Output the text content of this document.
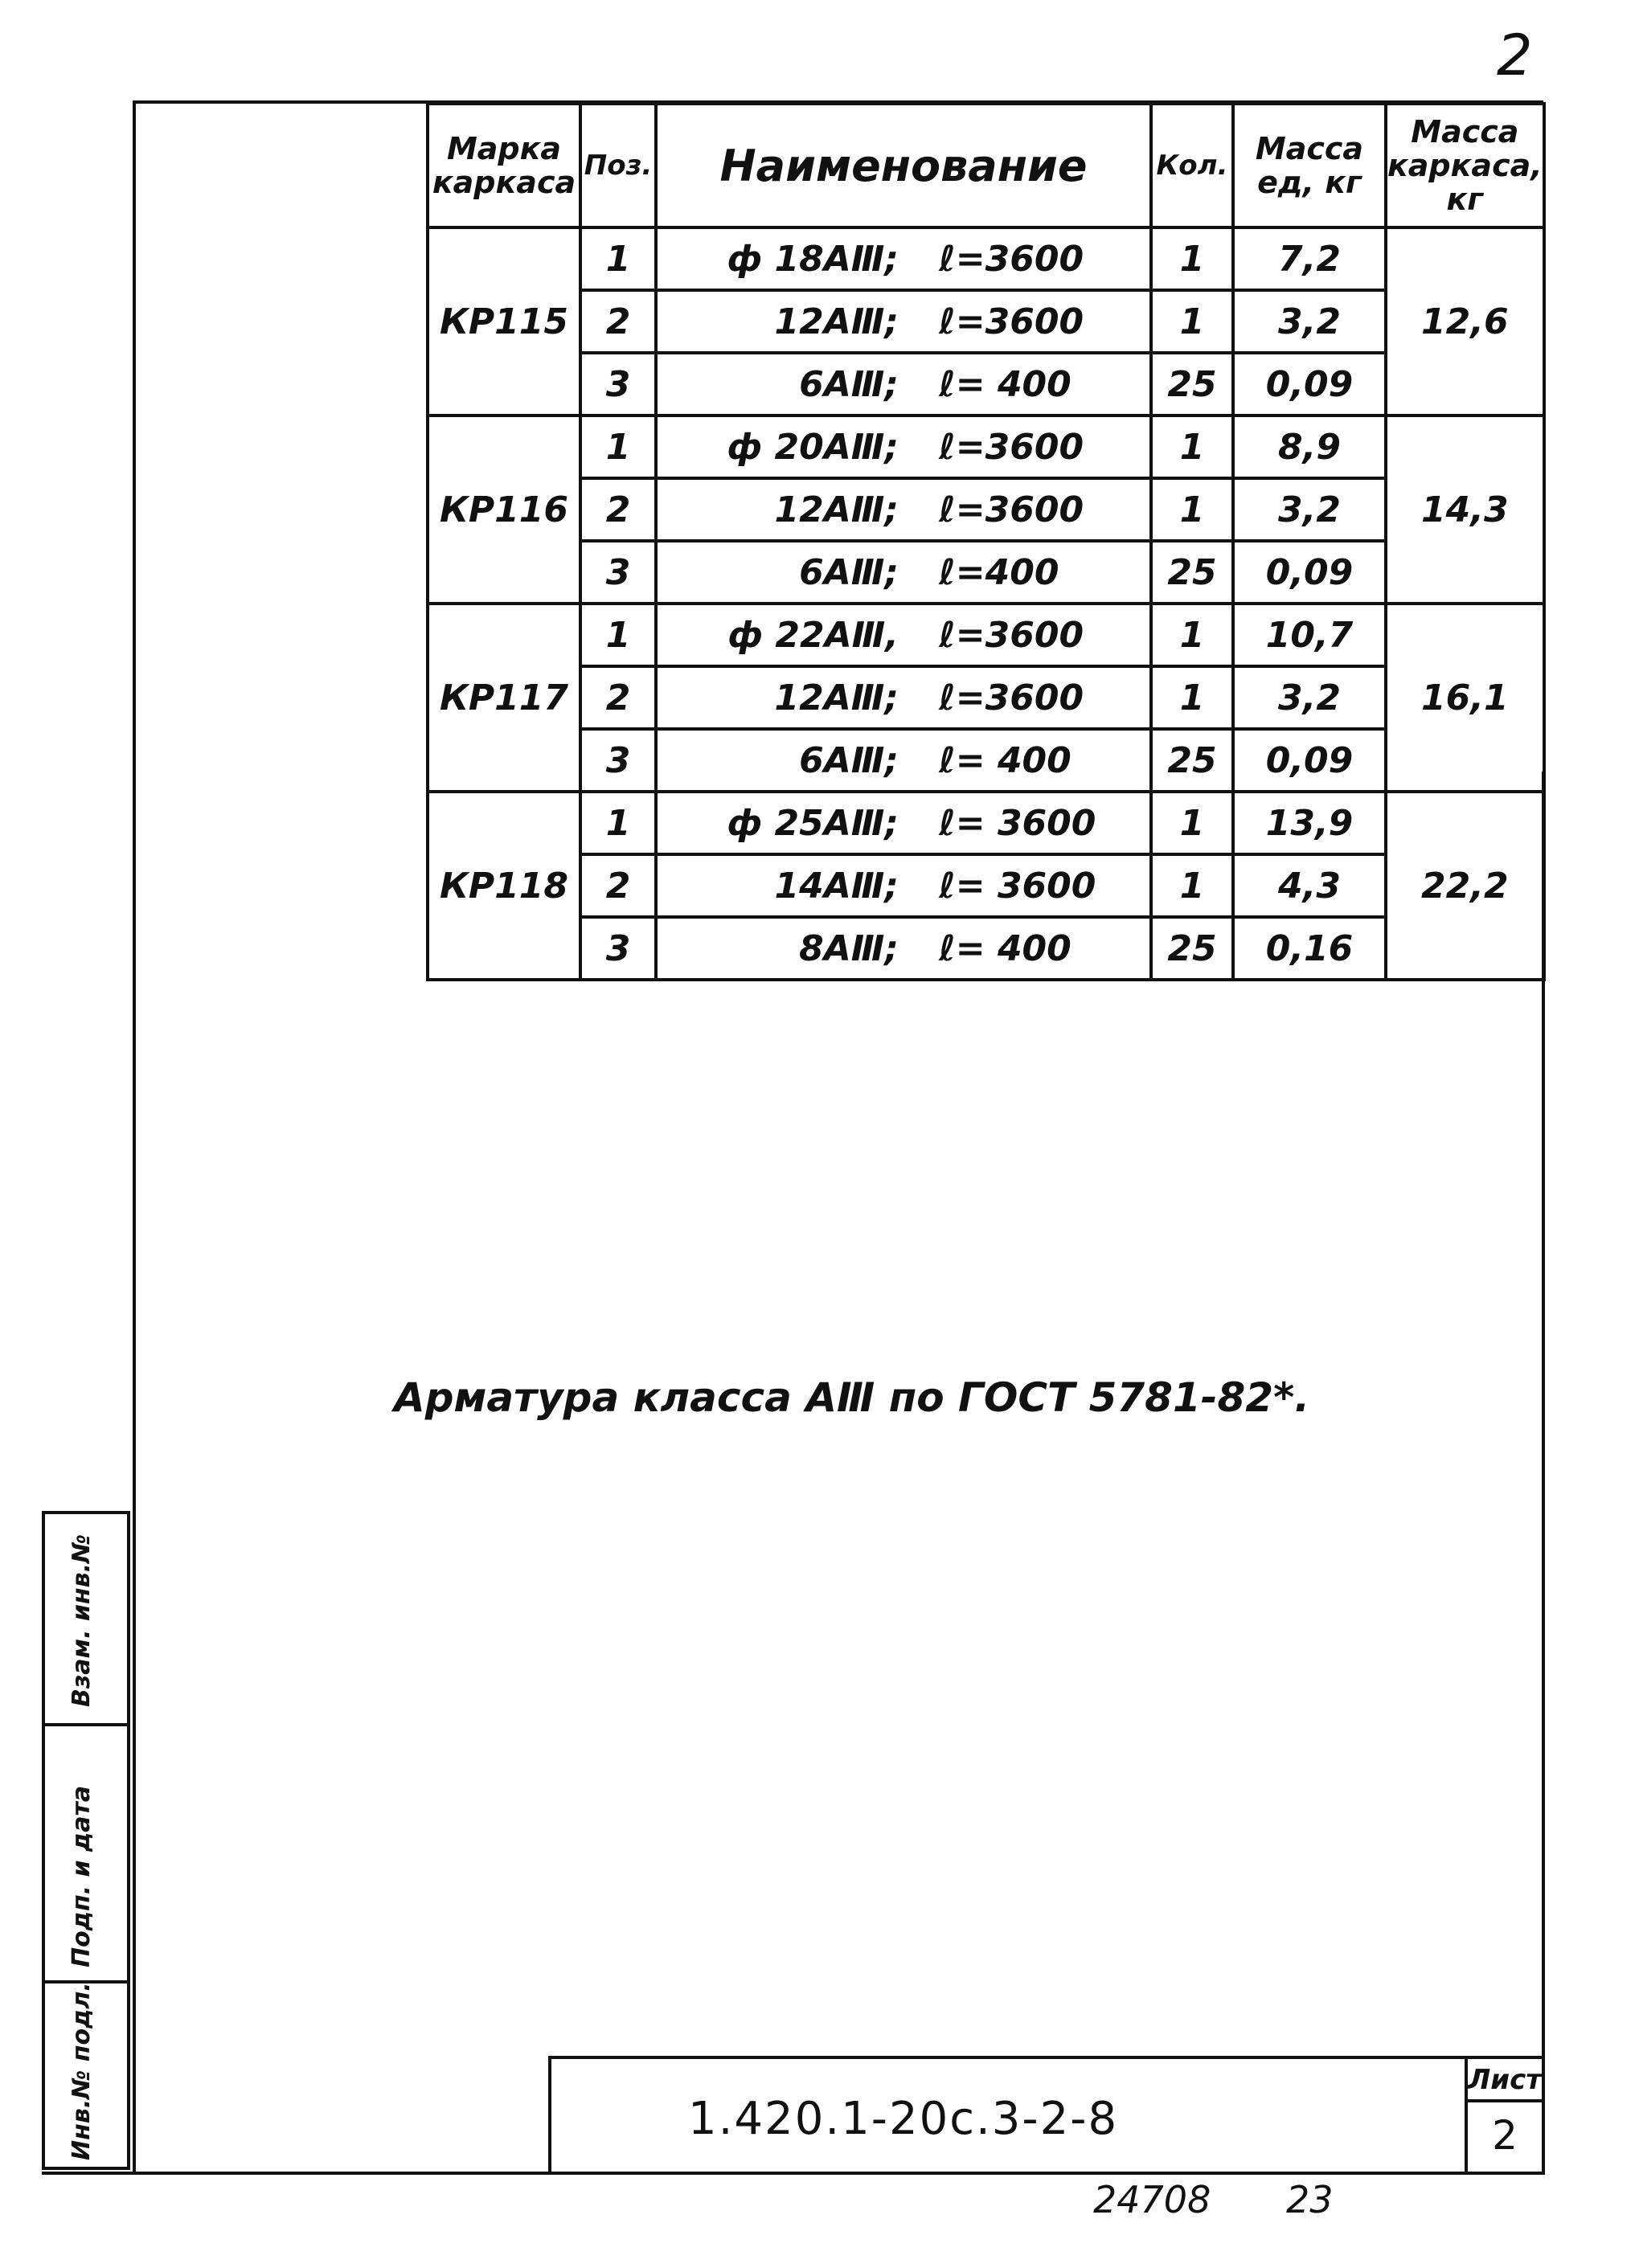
2
Марка каркаса	Поз.	Наименование	Кол.	Масса ед, кг	Масса каркаса, кг
КР115	1	ф 18АⅢ; ℓ=3600	1	7,2	12,6
	2	12АⅢ; ℓ=3600	1	3,2	
	3	6АⅢ; ℓ= 400	25	0,09	
КР116	1	ф 20АⅢ; ℓ=3600	1	8,9	14,3
	2	12АⅢ; ℓ=3600	1	3,2	
	3	6АⅢ; ℓ=400	25	0,09	
КР117	1	ф 22АⅢ, ℓ=3600	1	10,7	16,1
	2	12АⅢ; ℓ=3600	1	3,2	
	3	6АⅢ; ℓ= 400	25	0,09	
КР118	1	ф 25АⅢ; ℓ= 3600	1	13,9	22,2
	2	14АⅢ; ℓ= 3600	1	4,3	
	3	8АⅢ; ℓ= 400	25	0,16	
Арматура класса АⅢ по ГОСТ 5781-82*.
Взам. инв.№
Подп. и дата
Инв.№ подл.	1.420.1-20с.3-2-8
Лист
2
24708 23
